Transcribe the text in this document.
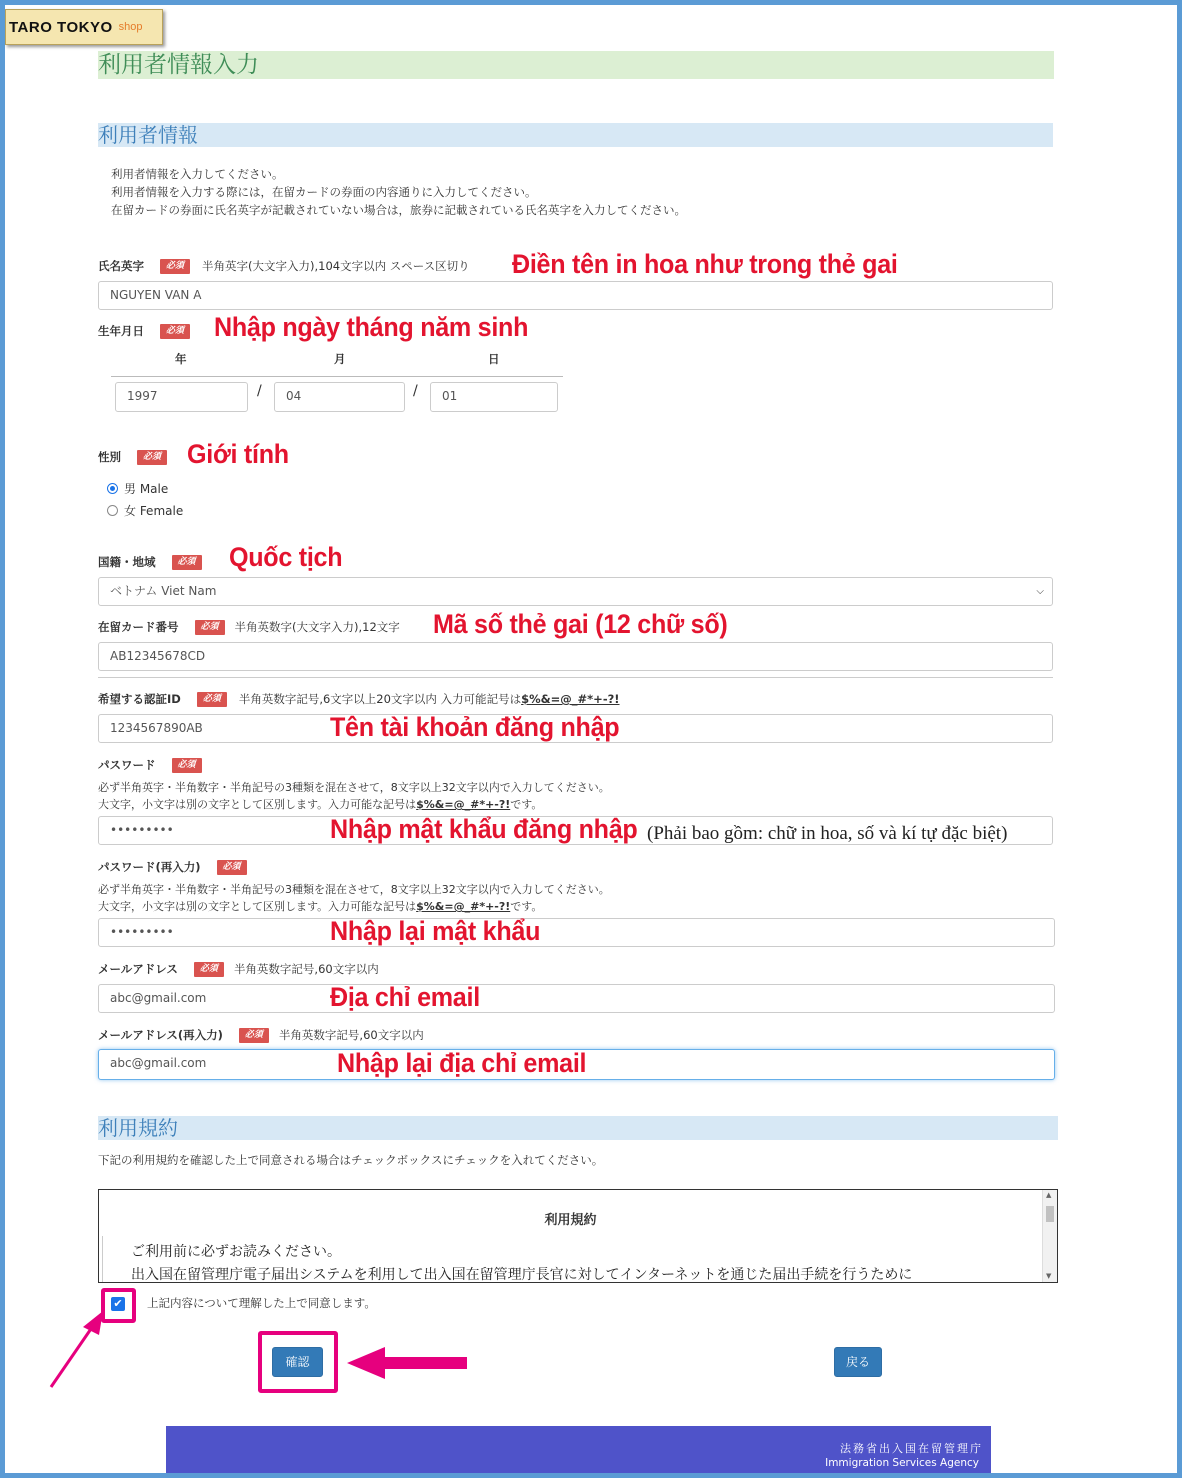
TARO TOKYO shop
利用者情報入力
利用者情報
利用者情報を入力してください。
利用者情報を入力する際には，在留カードの券面の内容通りに入力してください。
在留カードの券面に氏名英字が記載されていない場合は，旅券に記載されている氏名英字を入力してください。
氏名英字	必須	半角英字(大文字入力),104文字以内 スペース区切り Điền tên in hoa như trong thẻ gai
NGUYEN VAN A
生年月日	必須 Nhập ngày tháng năm sinh
年	月	日
1997	/	04	/	01
性別	必須 Giới tính
男 Male
女 Female
国籍・地域	必須 Quốc tịch
ベトナム Viet Nam	⌵
在留カード番号	必須	半角英数字(大文字入力),12文字 Mã số thẻ gai (12 chữ số)
AB12345678CD
希望する認証ID	必須	半角英数字記号,6文字以上20文字以内 入力可能記号は$%&=@_#*+-?!
1234567890AB	Tên tài khoản đăng nhập
パスワード	必須
必ず半角英字・半角数字・半角記号の3種類を混在させて，8文字以上32文字以内で入力してください。
大文字，小文字は別の文字として区別します。入力可能な記号は$%&=@_#*+-?!です。
•••••••••	Nhập mật khẩu đăng nhập (Phải bao gồm: chữ in hoa, số và kí tự đặc biệt)
パスワード(再入力)	必須
必ず半角英字・半角数字・半角記号の3種類を混在させて，8文字以上32文字以内で入力してください。
大文字，小文字は別の文字として区別します。入力可能な記号は$%&=@_#*+-?!です。
•••••••••	Nhập lại mật khẩu
メールアドレス	必須	半角英数字記号,60文字以内
abc@gmail.com	Địa chỉ email
メールアドレス(再入力)	必須	半角英数字記号,60文字以内
abc@gmail.com	Nhập lại địa chỉ email
利用規約
下記の利用規約を確認した上で同意される場合はチェックボックスにチェックを入れてください。
利用規約
ご利用前に必ずお読みください。
出入国在留管理庁電子届出システムを利用して出入国在留管理庁長官に対してインターネットを通じた届出手続を行うために
▲
▼
✔ 上記内容について理解した上で同意します。
確認	戻る
法務省出入国在留管理庁
Immigration Services Agency
